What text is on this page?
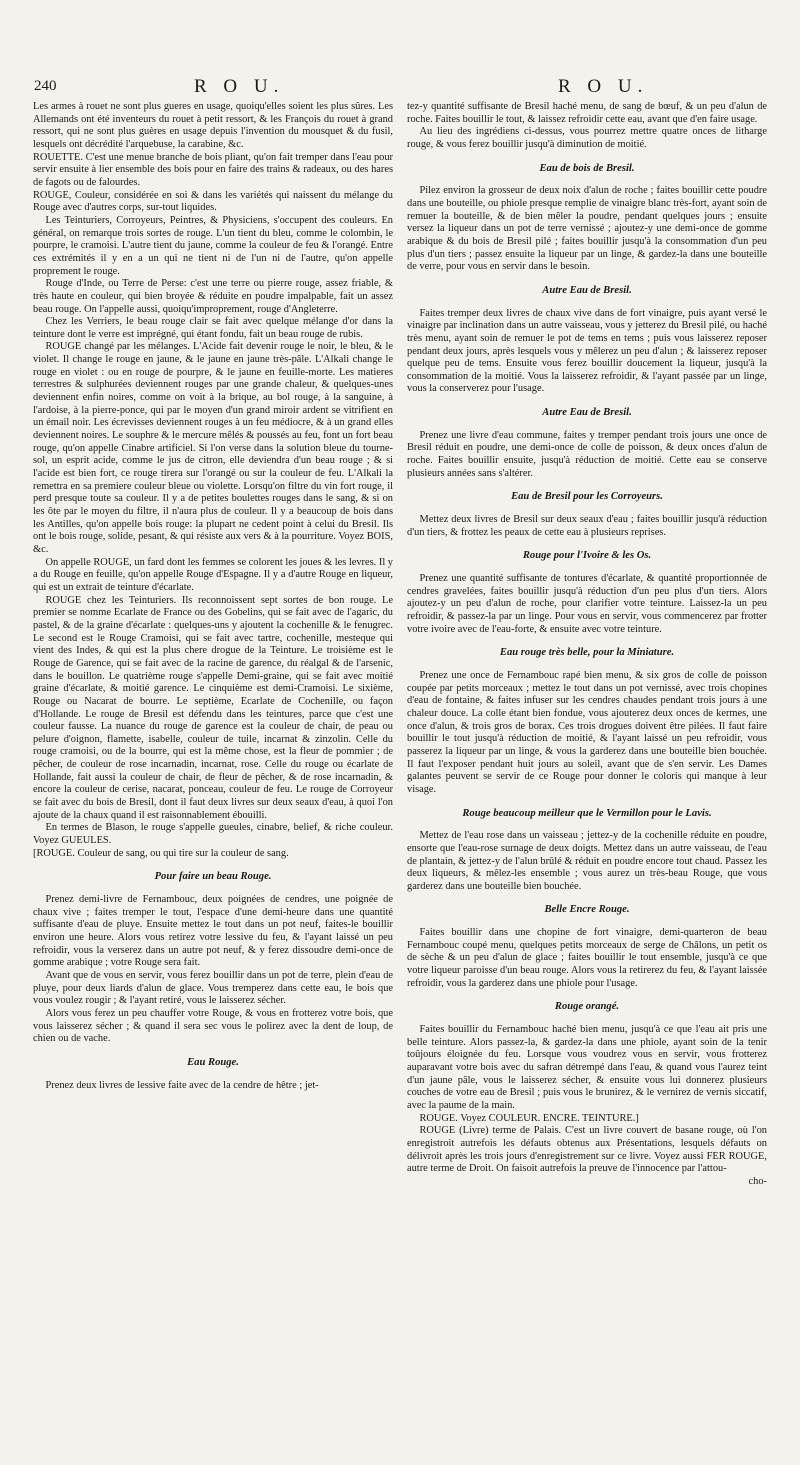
240	R O U.	R O U.

Les armes à rouet ne sont plus gueres en usage, quoiqu'elles soient les plus sûres. Les Allemands ont été inventeurs du rouet à petit ressort, & les François du rouet à grand ressort, qui ne sont plus guères en usage depuis l'invention du mousquet & du fusil, lesquels ont décrédité l'arquebuse, la carabine, &c.

ROUETTE. C'est une menue branche de bois pliant, qu'on fait tremper dans l'eau pour servir ensuite à lier ensemble des bois pour en faire des trains & radeaux, ou des hares de fagots ou de falourdes.

ROUGE, Couleur, considérée en soi & dans les variétés qui naissent du mélange du Rouge avec d'autres corps, sur-tout liquides.

Les Teinturiers, Corroyeurs, Peintres, & Physiciens, s'occupent des couleurs. En général, on remarque trois sortes de rouge. L'un tient du bleu, comme le colombin, le pourpre, le cramoisi. L'autre tient du jaune, comme la couleur de feu & l'orangé. Entre ces extrémités il y en a un qui ne tient ni de l'un ni de l'autre, qu'on appelle proprement le rouge.

Rouge d'Inde, ou Terre de Perse: c'est une terre ou pierre rouge, assez friable, & très haute en couleur, qui bien broyée & réduite en poudre impalpable, fait un assez beau rouge. On l'appelle aussi, quoiqu'improprement, rouge d'Angleterre.

Chez les Verriers, le beau rouge clair se fait avec quelque mélange d'or dans la teinture dont le verre est imprégné, qui étant fondu, fait un beau rouge de rubis.

ROUGE changé par les mélanges. L'Acide fait devenir rouge le noir, le bleu, & le violet. Il change le rouge en jaune, & le jaune en jaune très-pâle. L'Alkali change le rouge en violet : ou en rouge de pourpre, & le jaune en feuille-morte. Les matieres terrestres & sulphurées deviennent rouges par une grande chaleur, & quelques-unes deviennent enfin noires, comme on voit à la brique, au bol rouge, à la sanguine, à l'ardoise, à la pierre-ponce, qui par le moyen d'un grand miroir ardent se vitrifient en un émail noir. Les écrevisses deviennent rouges à un feu médiocre, & à un grand elles deviennent noires. Le souphre & le mercure mêlés & poussés au feu, font un fort beau rouge, qu'on appelle Cinabre artificiel. Si l'on verse dans la solution bleue du tourne-sol, un esprit acide, comme le jus de citron, elle deviendra d'un beau rouge ; & si l'acide est bien fort, ce rouge tirera sur l'orangé ou sur la couleur de feu. L'Alkali la remettra en sa premiere couleur bleue ou violette. Lorsqu'on filtre du vin fort rouge, il perd presque toute sa couleur. Il y a de petites boulettes rouges dans le sang, & si on les ôte par le moyen du filtre, il n'aura plus de couleur. Il y a beaucoup de bois dans les Antilles, qu'on appelle bois rouge: la plupart ne cedent point à celui du Bresil. Ils ont le bois rouge, solide, pesant, & qui résiste aux vers & à la pourriture. Voyez BOIS, &c.

On appelle ROUGE, un fard dont les femmes se colorent les joues & les levres. Il y a du Rouge en feuille, qu'on appelle Rouge d'Espagne. Il y a d'autre Rouge en liqueur, qui est un extrait de teinture d'écarlate.

ROUGE chez les Teinturiers. Ils reconnoissent sept sortes de bon rouge. Le premier se nomme Ecarlate de France ou des Gobelins, qui se fait avec de l'agaric, du pastel, & de la graine d'écarlate : quelques-uns y ajoutent la cochenille & le fenugrec. Le second est le Rouge Cramoisi, qui se fait avec tartre, cochenille, mesteque qui vient des Indes, & qui est la plus chere drogue de la Teinture. Le troisième est le Rouge de Garence, qui se fait avec de la racine de garence, du réalgal & de l'arsenic, dans le bouillon. Le quatrième rouge s'appelle Demi-graine, qui se fait avec moitié graine d'écarlate, & moitié garence. Le cinquième est demi-Cramoisi. Le sixième, Rouge ou Nacarat de bourre. Le septième, Ecarlate de Cochenille, ou façon d'Hollande. Le rouge de Bresil est défendu dans les teintures, parce que c'est une couleur fausse. La nuance du rouge de garence est la couleur de chair, de peau ou pelure d'oignon, flamette, isabelle, couleur de tuile, incarnat & zinzolin. Celle du rouge cramoisi, ou de la bourre, qui est la même chose, est la fleur de pommier ; de pêcher, de couleur de rose incarnadin, incarnat, rose. Celle du rouge ou écarlate de Hollande, fait aussi la couleur de chair, de fleur de pêcher, & de rose incarnadin, & encore la couleur de cerise, nacarat, ponceau, couleur de feu. Le rouge de Corroyeur se fait avec du bois de Bresil, dont il faut deux livres sur deux seaux d'eau, à quoi l'on ajoute de la chaux quand il est raisonnablement ébouilli.

En termes de Blason, le rouge s'appelle gueules, cinabre, belief, & riche couleur. Voyez GUEULES.

[ROUGE. Couleur de sang, ou qui tire sur la couleur de sang.

Pour faire un beau Rouge.

Prenez demi-livre de Fernambouc, deux poignées de cendres, une poignée de chaux vive ; faites tremper le tout, l'espace d'une demi-heure dans une quantité suffisante d'eau de pluye. Ensuite mettez le tout dans un pot neuf, faites-le bouillir environ une heure. Alors vous retirez votre lessive du feu, & l'ayant laissé un peu refroidir, vous la verserez dans un autre pot neuf, & y ferez dissoudre demi-once de gomme arabique ; votre Rouge sera fait.

Avant que de vous en servir, vous ferez bouillir dans un pot de terre, plein d'eau de pluye, pour deux liards d'alun de glace. Vous tremperez dans cette eau, le bois que vous voulez rougir ; & l'ayant retiré, vous le laisserez sécher.

Alors vous ferez un peu chauffer votre Rouge, & vous en frotterez votre bois, que vous laisserez sécher ; & quand il sera sec vous le polirez avec la dent de loup, de chien ou de vache.

Eau Rouge.

Prenez deux livres de lessive faite avec de la cendre de hêtre ; jet-

tez-y quantité suffisante de Bresil haché menu, de sang de bœuf, & un peu d'alun de roche. Faites bouillir le tout, & laissez refroidir cette eau, avant que d'en faire usage.

Au lieu des ingrédiens ci-dessus, vous pourrez mettre quatre onces de litharge rouge, & vous ferez bouillir jusqu'à diminution de moitié.

Eau de bois de Bresil.

Pilez environ la grosseur de deux noix d'alun de roche ; faites bouillir cette poudre dans une bouteille, ou phiole presque remplie de vinaigre blanc très-fort, ayant soin de remuer la bouteille, & de bien mêler la poudre, pendant quelques jours ; ensuite versez la liqueur dans un pot de terre vernissé ; ajoutez-y une demi-once de gomme arabique & du bois de Bresil pilé ; faites bouillir jusqu'à la consommation d'un peu plus d'un tiers ; passez ensuite la liqueur par un linge, & gardez-la dans une bouteille de verre, pour vous en servir dans le besoin.

Autre Eau de Bresil.

Faites tremper deux livres de chaux vive dans de fort vinaigre, puis ayant versé le vinaigre par inclination dans un autre vaisseau, vous y jetterez du Bresil pilé, ou haché très menu, ayant soin de remuer le pot de tems en tems ; puis vous laisserez reposer pendant deux jours, après lesquels vous y mêlerez un peu d'alun ; & laisserez reposer quelque peu de tems. Ensuite vous ferez bouillir doucement la liqueur, jusqu'à la consommation de la moitié. Vous la laisserez refroidir, & l'ayant passée par un linge, vous la conserverez pour l'usage.

Autre Eau de Bresil.

Prenez une livre d'eau commune, faites y tremper pendant trois jours une once de Bresil réduit en poudre, une demi-once de colle de poisson, & deux onces d'alun de roche. Faites bouillir ensuite, jusqu'à réduction de moitié. Cette eau se conserve plusieurs années sans s'altérer.

Eau de Bresil pour les Corroyeurs.

Mettez deux livres de Bresil sur deux seaux d'eau ; faites bouillir jusqu'à réduction d'un tiers, & frottez les peaux de cette eau à plusieurs reprises.

Rouge pour l'Ivoire & les Os.

Prenez une quantité suffisante de tontures d'écarlate, & quantité proportionnée de cendres gravelées, faites bouillir jusqu'à réduction d'un peu plus d'un tiers. Alors ajoutez-y un peu d'alun de roche, pour clarifier votre teinture. Laissez-la un peu refroidir, & passez-la par un linge. Pour vous en servir, vous commencerez par frotter votre ivoire avec de l'eau-forte, & ensuite avec votre teinture.

Eau rouge très belle, pour la Miniature.

Prenez une once de Fernambouc rapé bien menu, & six gros de colle de poisson coupée par petits morceaux ; mettez le tout dans un pot vernissé, avec trois chopines d'eau de fontaine, & faites infuser sur les cendres chaudes pendant trois jours à une chaleur douce. La colle étant bien fondue, vous ajouterez deux onces de kermes, une once d'alun, & trois gros de borax. Ces trois drogues doivent être pilées. Il faut faire bouillir le tout jusqu'à réduction de moitié, & l'ayant laissé un peu refroidir, vous passerez la liqueur par un linge, & vous la garderez dans une bouteille bien bouchée. Il faut l'exposer pendant huit jours au soleil, avant que de s'en servir. Les Dames galantes peuvent se servir de ce Rouge pour donner le coloris qui manque à leur visage.

Rouge beaucoup meilleur que le Vermillon pour le Lavis.

Mettez de l'eau rose dans un vaisseau ; jettez-y de la cochenille réduite en poudre, ensorte que l'eau-rose surnage de deux doigts. Mettez dans un autre vaisseau, de l'eau de plantain, & jettez-y de l'alun brûlé & réduit en poudre encore tout chaud. Passez les deux liqueurs, & mêlez-les ensemble ; vous aurez un très-beau Rouge, que vous garderez dans une bouteille bien bouchée.

Belle Encre Rouge.

Faites bouillir dans une chopine de fort vinaigre, demi-quarteron de beau Fernambouc coupé menu, quelques petits morceaux de serge de Châlons, un petit os de sèche & un peu d'alun de glace ; faites bouillir le tout ensemble, jusqu'à ce que votre liqueur paroisse d'un beau rouge. Alors vous la retirerez du feu, & l'ayant laissée refroidir, vous la garderez dans une phiole pour l'usage.

Rouge orangé.

Faites bouillir du Fernambouc haché bien menu, jusqu'à ce que l'eau ait pris une belle teinture. Alors passez-la, & gardez-la dans une phiole, ayant soin de la tenir toûjours éloignée du feu. Lorsque vous voudrez vous en servir, vous frotterez auparavant votre bois avec du safran détrempé dans l'eau, & quand vous l'aurez teint d'un jaune pâle, vous le laisserez sécher, & ensuite vous lui donnerez plusieurs couches de votre eau de Bresil ; puis vous le brunirez, & le vernirez de vernis siccatif, avec la paume de la main.

ROUGE. Voyez COULEUR. ENCRE. TEINTURE.]

ROUGE (Livre) terme de Palais. C'est un livre couvert de basane rouge, où l'on enregistroit autrefois les défauts obtenus aux Présentations, lesquels défauts on délivroit après les trois jours d'enregistrement sur ce livre. Voyez aussi FER ROUGE, autre terme de Droit. On faisoit autrefois la preuve de l'innocence par l'attou-

cho-
